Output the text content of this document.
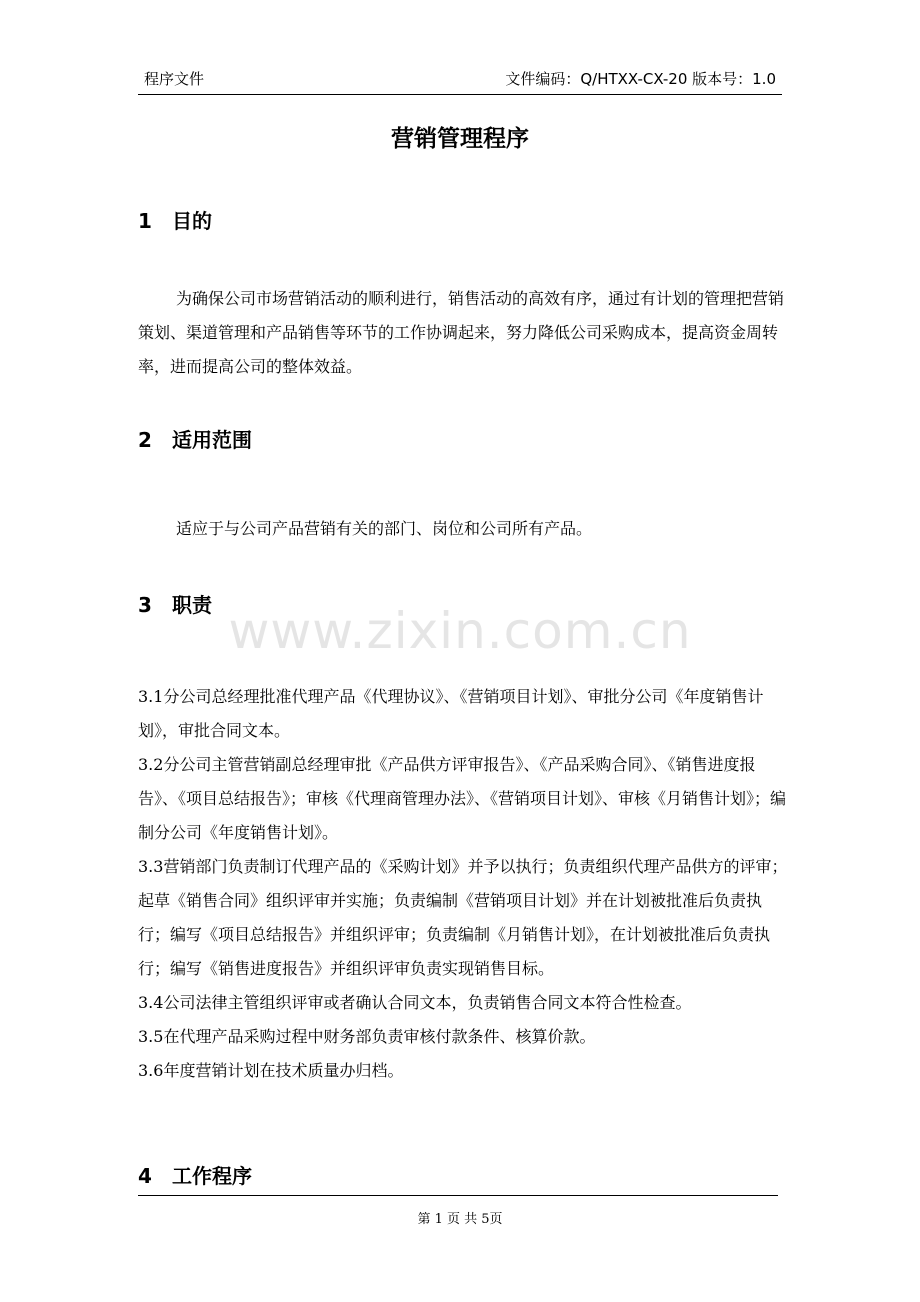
程序文件	文件编码：Q/HTXX-CX-20 版本号：1.0
营销管理程序
1 目的
为确保公司市场营销活动的顺利进行，销售活动的高效有序，通过有计划的管理把营销策划、渠道管理和产品销售等环节的工作协调起来，努力降低公司采购成本，提高资金周转率，进而提高公司的整体效益。
2 适用范围
适应于与公司产品营销有关的部门、岗位和公司所有产品。
3 职责 www.zixin.com.cn
3.1分公司总经理批准代理产品《代理协议》、《营销项目计划》、审批分公司《年度销售计划》，审批合同文本。
3.2分公司主管营销副总经理审批《产品供方评审报告》、《产品采购合同》、《销售进度报告》、《项目总结报告》；审核《代理商管理办法》、《营销项目计划》、审核《月销售计划》；编制分公司《年度销售计划》。
3.3营销部门负责制订代理产品的《采购计划》并予以执行；负责组织代理产品供方的评审；起草《销售合同》组织评审并实施；负责编制《营销项目计划》并在计划被批准后负责执行；编写《项目总结报告》并组织评审；负责编制《月销售计划》，在计划被批准后负责执行；编写《销售进度报告》并组织评审负责实现销售目标。
3.4公司法律主管组织评审或者确认合同文本，负责销售合同文本符合性检查。
3.5在代理产品采购过程中财务部负责审核付款条件、核算价款。
3.6年度营销计划在技术质量办归档。
4 工作程序
第 1 页 共 5页
